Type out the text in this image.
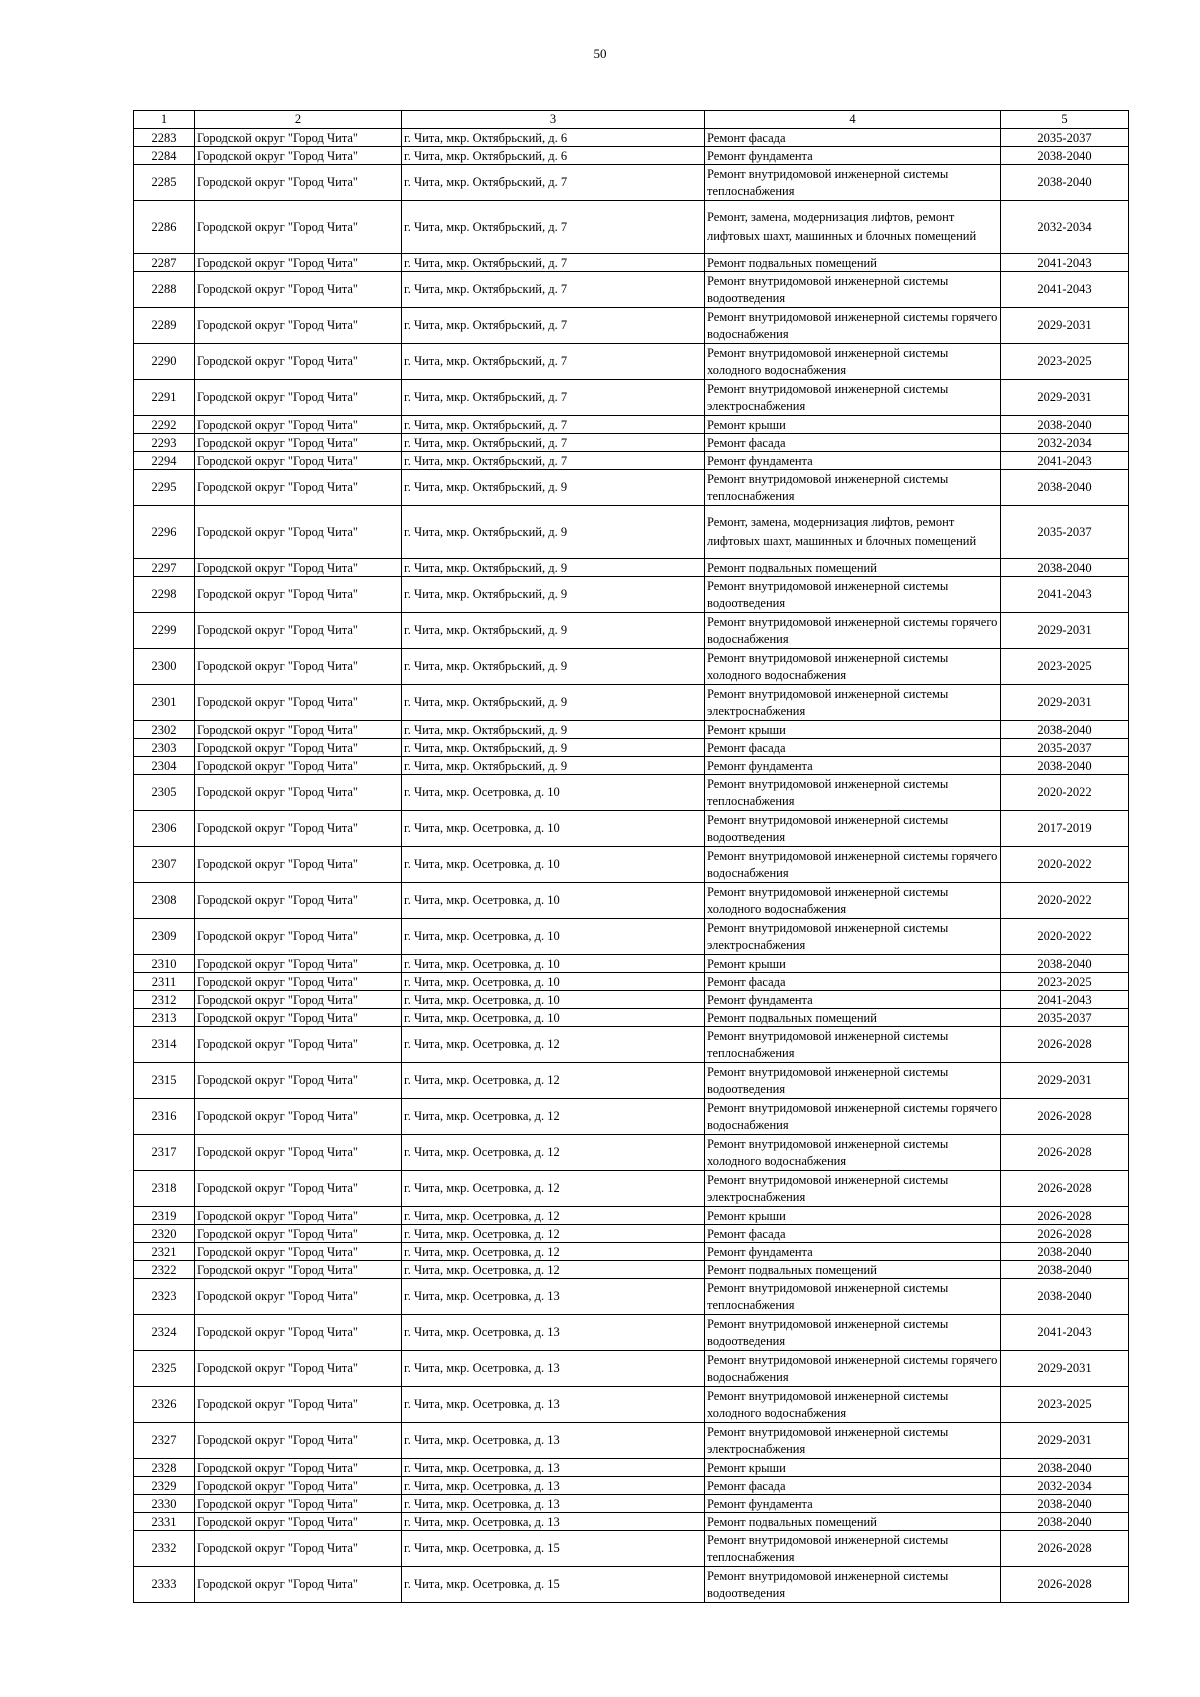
50
1	2	3	4	5
2283	Городской округ "Город Чита"	г. Чита, мкр. Октябрьский, д. 6	Ремонт фасада	2035-2037
2284	Городской округ "Город Чита"	г. Чита, мкр. Октябрьский, д. 6	Ремонт фундамента	2038-2040
2285	Городской округ "Город Чита"	г. Чита, мкр. Октябрьский, д. 7	Ремонт внутридомовой инженерной системы теплоснабжения	2038-2040
2286	Городской округ "Город Чита"	г. Чита, мкр. Октябрьский, д. 7	Ремонт, замена, модернизация лифтов, ремонт лифтовых шахт, машинных и блочных помещений	2032-2034
2287	Городской округ "Город Чита"	г. Чита, мкр. Октябрьский, д. 7	Ремонт подвальных помещений	2041-2043
2288	Городской округ "Город Чита"	г. Чита, мкр. Октябрьский, д. 7	Ремонт внутридомовой инженерной системы водоотведения	2041-2043
2289	Городской округ "Город Чита"	г. Чита, мкр. Октябрьский, д. 7	Ремонт внутридомовой инженерной системы горячего водоснабжения	2029-2031
2290	Городской округ "Город Чита"	г. Чита, мкр. Октябрьский, д. 7	Ремонт внутридомовой инженерной системы холодного водоснабжения	2023-2025
2291	Городской округ "Город Чита"	г. Чита, мкр. Октябрьский, д. 7	Ремонт внутридомовой инженерной системы электроснабжения	2029-2031
2292	Городской округ "Город Чита"	г. Чита, мкр. Октябрьский, д. 7	Ремонт крыши	2038-2040
2293	Городской округ "Город Чита"	г. Чита, мкр. Октябрьский, д. 7	Ремонт фасада	2032-2034
2294	Городской округ "Город Чита"	г. Чита, мкр. Октябрьский, д. 7	Ремонт фундамента	2041-2043
2295	Городской округ "Город Чита"	г. Чита, мкр. Октябрьский, д. 9	Ремонт внутридомовой инженерной системы теплоснабжения	2038-2040
2296	Городской округ "Город Чита"	г. Чита, мкр. Октябрьский, д. 9	Ремонт, замена, модернизация лифтов, ремонт лифтовых шахт, машинных и блочных помещений	2035-2037
2297	Городской округ "Город Чита"	г. Чита, мкр. Октябрьский, д. 9	Ремонт подвальных помещений	2038-2040
2298	Городской округ "Город Чита"	г. Чита, мкр. Октябрьский, д. 9	Ремонт внутридомовой инженерной системы водоотведения	2041-2043
2299	Городской округ "Город Чита"	г. Чита, мкр. Октябрьский, д. 9	Ремонт внутридомовой инженерной системы горячего водоснабжения	2029-2031
2300	Городской округ "Город Чита"	г. Чита, мкр. Октябрьский, д. 9	Ремонт внутридомовой инженерной системы холодного водоснабжения	2023-2025
2301	Городской округ "Город Чита"	г. Чита, мкр. Октябрьский, д. 9	Ремонт внутридомовой инженерной системы электроснабжения	2029-2031
2302	Городской округ "Город Чита"	г. Чита, мкр. Октябрьский, д. 9	Ремонт крыши	2038-2040
2303	Городской округ "Город Чита"	г. Чита, мкр. Октябрьский, д. 9	Ремонт фасада	2035-2037
2304	Городской округ "Город Чита"	г. Чита, мкр. Октябрьский, д. 9	Ремонт фундамента	2038-2040
2305	Городской округ "Город Чита"	г. Чита, мкр. Осетровка, д. 10	Ремонт внутридомовой инженерной системы теплоснабжения	2020-2022
2306	Городской округ "Город Чита"	г. Чита, мкр. Осетровка, д. 10	Ремонт внутридомовой инженерной системы водоотведения	2017-2019
2307	Городской округ "Город Чита"	г. Чита, мкр. Осетровка, д. 10	Ремонт внутридомовой инженерной системы горячего водоснабжения	2020-2022
2308	Городской округ "Город Чита"	г. Чита, мкр. Осетровка, д. 10	Ремонт внутридомовой инженерной системы холодного водоснабжения	2020-2022
2309	Городской округ "Город Чита"	г. Чита, мкр. Осетровка, д. 10	Ремонт внутридомовой инженерной системы электроснабжения	2020-2022
2310	Городской округ "Город Чита"	г. Чита, мкр. Осетровка, д. 10	Ремонт крыши	2038-2040
2311	Городской округ "Город Чита"	г. Чита, мкр. Осетровка, д. 10	Ремонт фасада	2023-2025
2312	Городской округ "Город Чита"	г. Чита, мкр. Осетровка, д. 10	Ремонт фундамента	2041-2043
2313	Городской округ "Город Чита"	г. Чита, мкр. Осетровка, д. 10	Ремонт подвальных помещений	2035-2037
2314	Городской округ "Город Чита"	г. Чита, мкр. Осетровка, д. 12	Ремонт внутридомовой инженерной системы теплоснабжения	2026-2028
2315	Городской округ "Город Чита"	г. Чита, мкр. Осетровка, д. 12	Ремонт внутридомовой инженерной системы водоотведения	2029-2031
2316	Городской округ "Город Чита"	г. Чита, мкр. Осетровка, д. 12	Ремонт внутридомовой инженерной системы горячего водоснабжения	2026-2028
2317	Городской округ "Город Чита"	г. Чита, мкр. Осетровка, д. 12	Ремонт внутридомовой инженерной системы холодного водоснабжения	2026-2028
2318	Городской округ "Город Чита"	г. Чита, мкр. Осетровка, д. 12	Ремонт внутридомовой инженерной системы электроснабжения	2026-2028
2319	Городской округ "Город Чита"	г. Чита, мкр. Осетровка, д. 12	Ремонт крыши	2026-2028
2320	Городской округ "Город Чита"	г. Чита, мкр. Осетровка, д. 12	Ремонт фасада	2026-2028
2321	Городской округ "Город Чита"	г. Чита, мкр. Осетровка, д. 12	Ремонт фундамента	2038-2040
2322	Городской округ "Город Чита"	г. Чита, мкр. Осетровка, д. 12	Ремонт подвальных помещений	2038-2040
2323	Городской округ "Город Чита"	г. Чита, мкр. Осетровка, д. 13	Ремонт внутридомовой инженерной системы теплоснабжения	2038-2040
2324	Городской округ "Город Чита"	г. Чита, мкр. Осетровка, д. 13	Ремонт внутридомовой инженерной системы водоотведения	2041-2043
2325	Городской округ "Город Чита"	г. Чита, мкр. Осетровка, д. 13	Ремонт внутридомовой инженерной системы горячего водоснабжения	2029-2031
2326	Городской округ "Город Чита"	г. Чита, мкр. Осетровка, д. 13	Ремонт внутридомовой инженерной системы холодного водоснабжения	2023-2025
2327	Городской округ "Город Чита"	г. Чита, мкр. Осетровка, д. 13	Ремонт внутридомовой инженерной системы электроснабжения	2029-2031
2328	Городской округ "Город Чита"	г. Чита, мкр. Осетровка, д. 13	Ремонт крыши	2038-2040
2329	Городской округ "Город Чита"	г. Чита, мкр. Осетровка, д. 13	Ремонт фасада	2032-2034
2330	Городской округ "Город Чита"	г. Чита, мкр. Осетровка, д. 13	Ремонт фундамента	2038-2040
2331	Городской округ "Город Чита"	г. Чита, мкр. Осетровка, д. 13	Ремонт подвальных помещений	2038-2040
2332	Городской округ "Город Чита"	г. Чита, мкр. Осетровка, д. 15	Ремонт внутридомовой инженерной системы теплоснабжения	2026-2028
2333	Городской округ "Город Чита"	г. Чита, мкр. Осетровка, д. 15	Ремонт внутридомовой инженерной системы водоотведения	2026-2028
